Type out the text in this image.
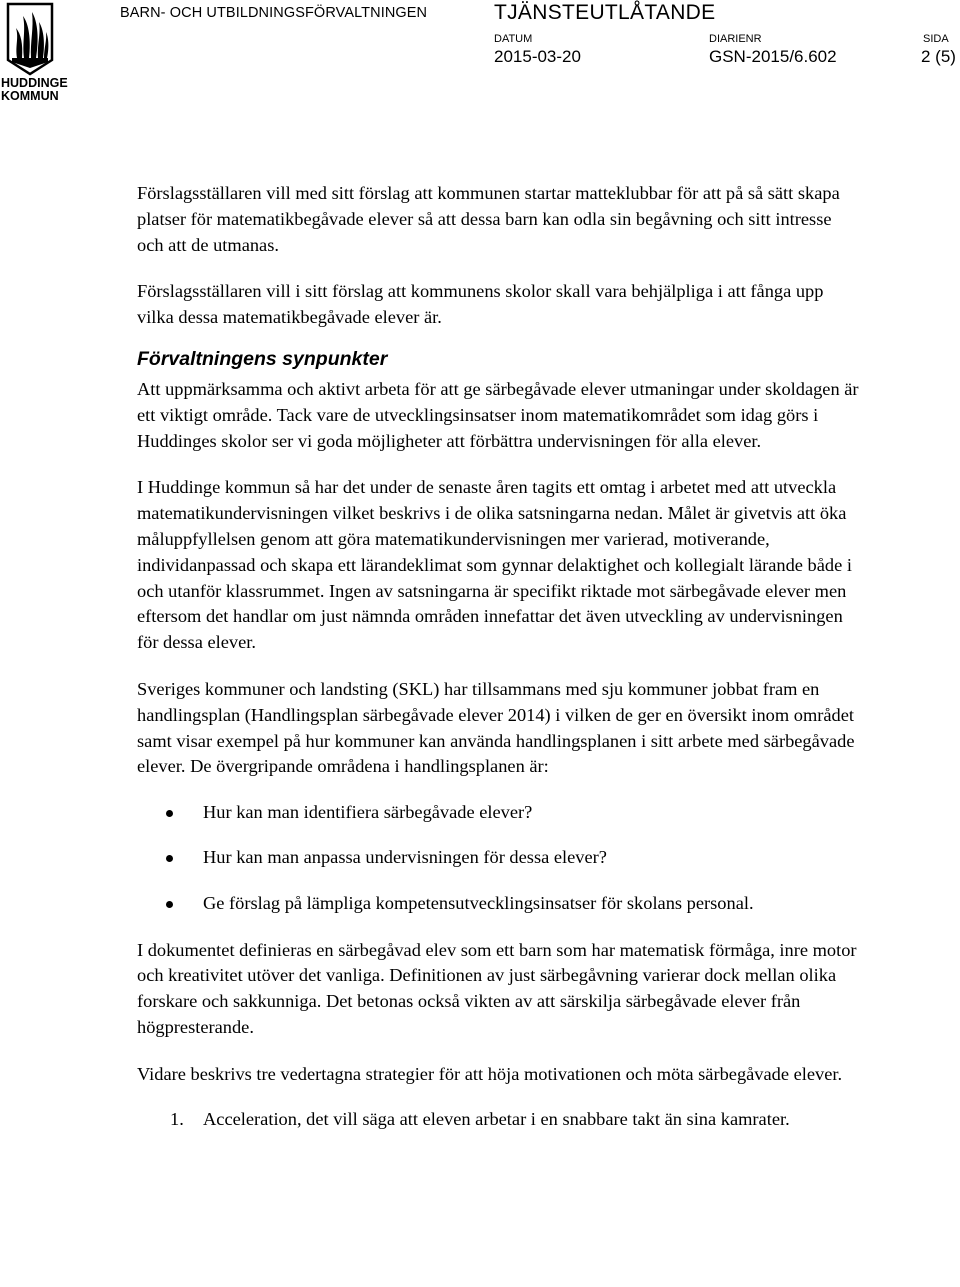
HUDDINGE
KOMMUN
BARN- OCH UTBILDNINGSFÖRVALTNINGEN	TJÄNSTEUTLÅTANDE
DATUM
2015-03-20
DIARIENR
GSN-2015/6.602
SIDA
2 (5)

Förslagsställaren vill med sitt förslag att kommunen startar matteklubbar för att på så sätt skapa platser för matematikbegåvade elever så att dessa barn kan odla sin begåvning och sitt intresse och att de utmanas.

Förslagsställaren vill i sitt förslag att kommunens skolor skall vara behjälpliga i att fånga upp vilka dessa matematikbegåvade elever är.

Förvaltningens synpunkter

Att uppmärksamma och aktivt arbeta för att ge särbegåvade elever utmaningar under skoldagen är ett viktigt område. Tack vare de utvecklingsinsatser inom matematikområdet som idag görs i Huddinges skolor ser vi goda möjligheter att förbättra undervisningen för alla elever.

I Huddinge kommun så har det under de senaste åren tagits ett omtag i arbetet med att utveckla matematikundervisningen vilket beskrivs i de olika satsningarna nedan. Målet är givetvis att öka måluppfyllelsen genom att göra matematikundervisningen mer varierad, motiverande, individanpassad och skapa ett lärandeklimat som gynnar delaktighet och kollegialt lärande både i och utanför klassrummet. Ingen av satsningarna är specifikt riktade mot särbegåvade elever men eftersom det handlar om just nämnda områden innefattar det även utveckling av undervisningen för dessa elever.

Sveriges kommuner och landsting (SKL) har tillsammans med sju kommuner jobbat fram en handlingsplan (Handlingsplan särbegåvade elever 2014) i vilken de ger en översikt inom området samt visar exempel på hur kommuner kan använda handlingsplanen i sitt arbete med särbegåvade elever. De övergripande områdena i handlingsplanen är:

Hur kan man identifiera särbegåvade elever?
Hur kan man anpassa undervisningen för dessa elever?
Ge förslag på lämpliga kompetensutvecklingsinsatser för skolans personal.

I dokumentet definieras en särbegåvad elev som ett barn som har matematisk förmåga, inre motor och kreativitet utöver det vanliga. Definitionen av just särbegåvning varierar dock mellan olika forskare och sakkunniga. Det betonas också vikten av att särskilja särbegåvade elever från högpresterande.

Vidare beskrivs tre vedertagna strategier för att höja motivationen och möta särbegåvade elever.

1. Acceleration, det vill säga att eleven arbetar i en snabbare takt än sina kamrater.
